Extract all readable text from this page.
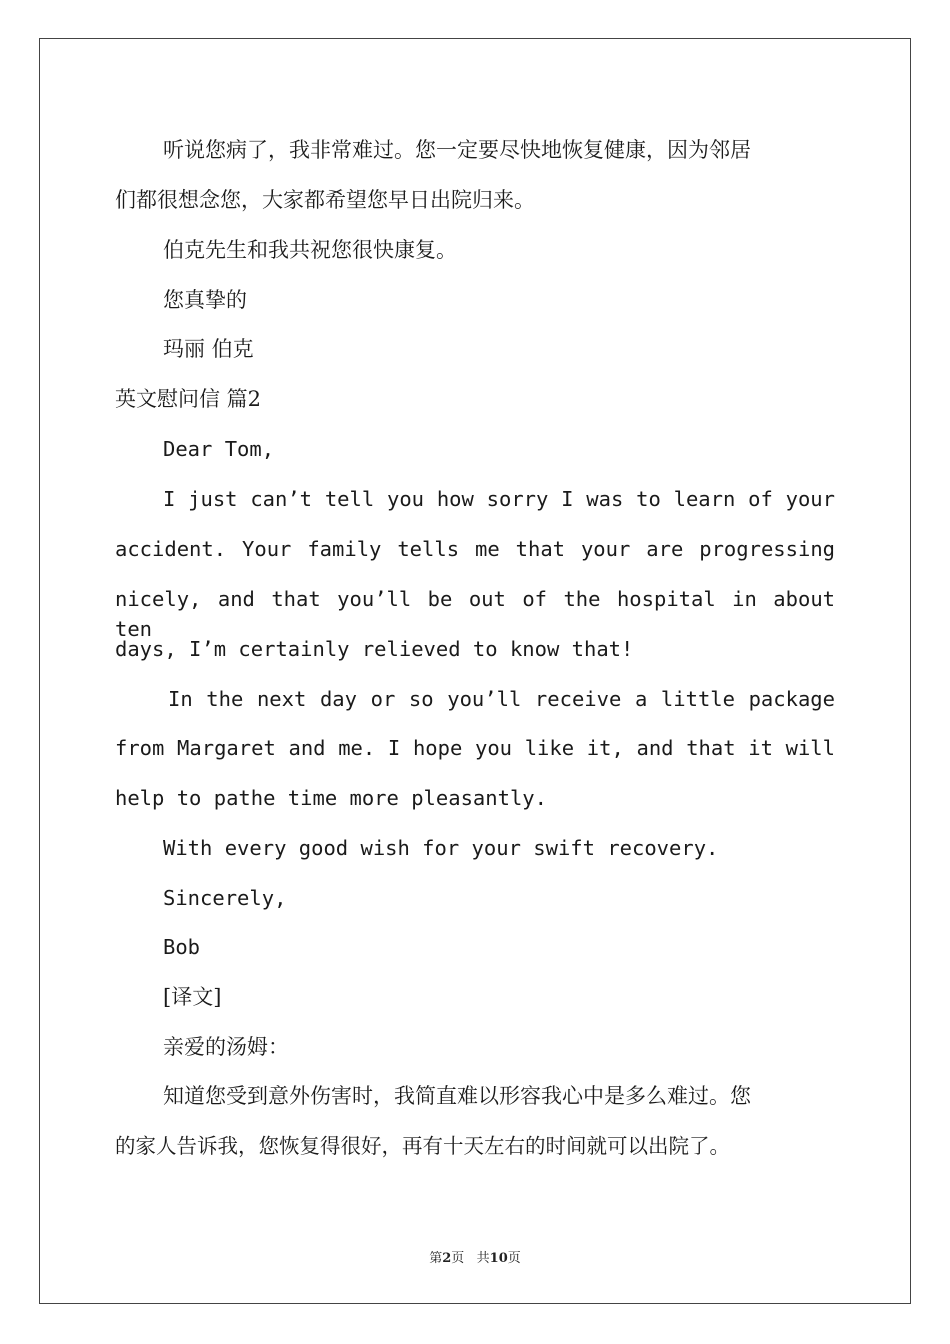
听说您病了，我非常难过。您一定要尽快地恢复健康，因为邻居
们都很想念您，大家都希望您早日出院归来。
伯克先生和我共祝您很快康复。
您真挚的
玛丽 伯克
英文慰问信 篇2
Dear Tom,
I just can’t tell you how sorry I was to learn of your
accident. Your family tells me that your are progressing
nicely, and that you’ll be out of the hospital in about ten
days, I’m certainly relieved to know that!
In the next day or so you’ll receive a little package
from Margaret and me. I hope you like it, and that it will
help to pathe time more pleasantly.
With every good wish for your swift recovery.
Sincerely,
Bob
[译文]
亲爱的汤姆：
知道您受到意外伤害时，我简直难以形容我心中是多么难过。您
的家人告诉我，您恢复得很好，再有十天左右的时间就可以出院了。
第2页   共10页
